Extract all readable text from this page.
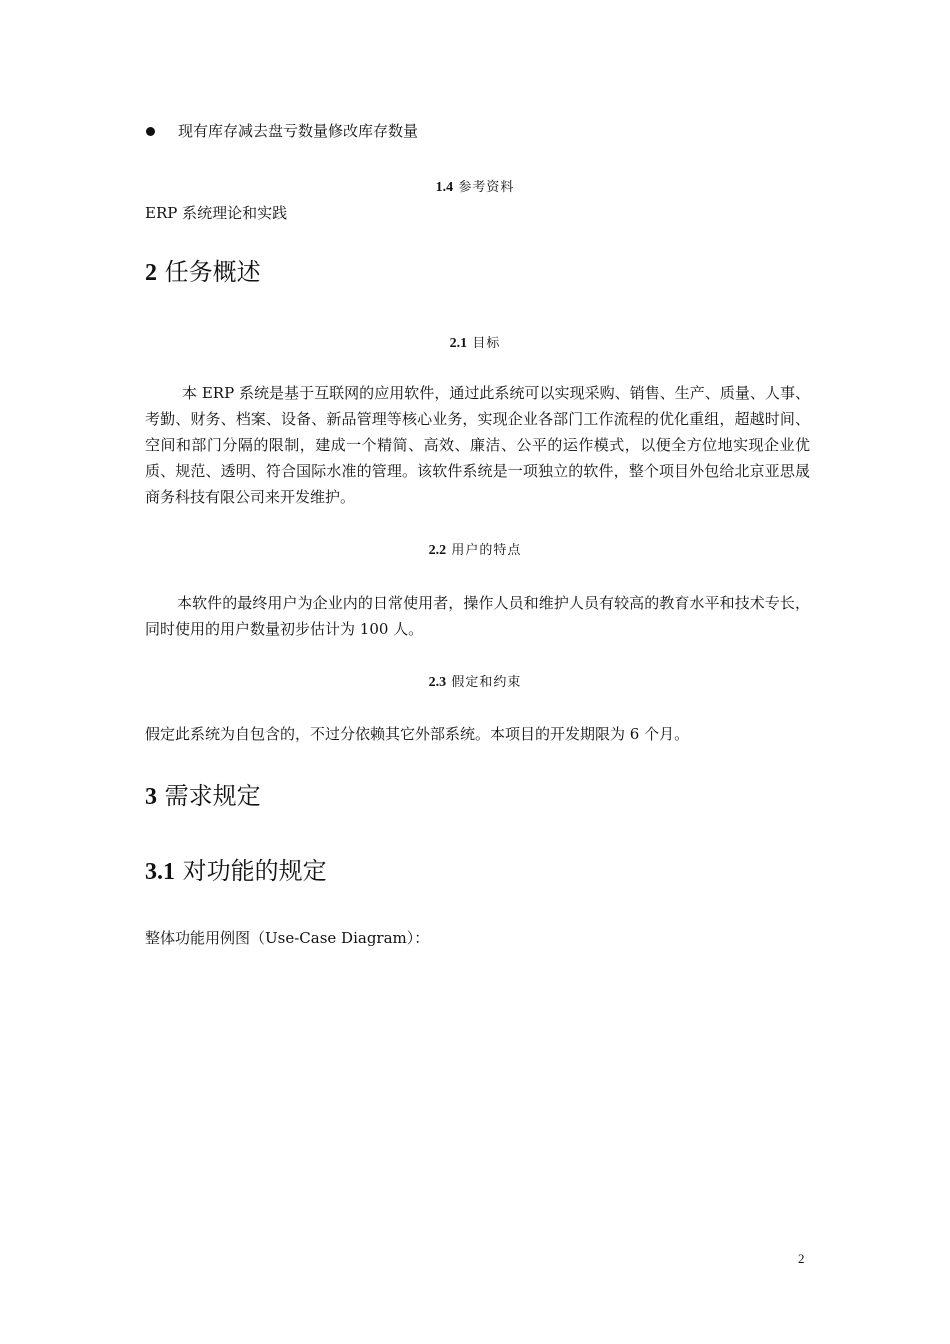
现有库存减去盘亏数量修改库存数量
1.4 参考资料
ERP 系统理论和实践
2 任务概述
2.1 目标
本 ERP 系统是基于互联网的应用软件，通过此系统可以实现采购、销售、生产、质量、人事、考勤、财务、档案、设备、新品管理等核心业务，实现企业各部门工作流程的优化重组，超越时间、空间和部门分隔的限制，建成一个精简、高效、廉洁、公平的运作模式，以便全方位地实现企业优质、规范、透明、符合国际水准的管理。该软件系统是一项独立的软件，整个项目外包给北京亚思晟商务科技有限公司来开发维护。
2.2 用户的特点
本软件的最终用户为企业内的日常使用者，操作人员和维护人员有较高的教育水平和技术专长，同时使用的用户数量初步估计为 100 人。
2.3 假定和约束
假定此系统为自包含的，不过分依赖其它外部系统。本项目的开发期限为 6 个月。
3 需求规定
3.1 对功能的规定
整体功能用例图（Use-Case Diagram）：
2
